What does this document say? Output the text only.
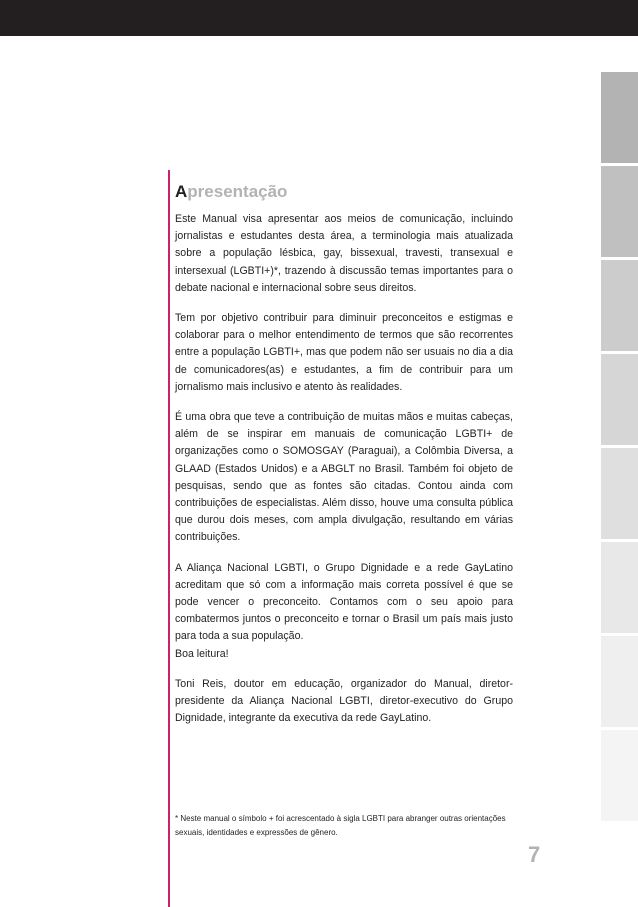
Apresentação
Este Manual visa apresentar aos meios de comunicação, incluindo jornalistas e estudantes desta área, a terminologia mais atualizada sobre a população lésbica, gay, bissexual, travesti, transexual e intersexual (LGBTI+)*, trazendo à discussão temas importantes para o debate nacional e internacional sobre seus direitos.
Tem por objetivo contribuir para diminuir preconceitos e estigmas e colaborar para o melhor entendimento de termos que são recorrentes entre a população LGBTI+, mas que podem não ser usuais no dia a dia de comunicadores(as) e estudantes, a fim de contribuir para um jornalismo mais inclusivo e atento às realidades.
É uma obra que teve a contribuição de muitas mãos e muitas cabeças, além de se inspirar em manuais de comunicação LGBTI+ de organizações como o SOMOSGAY (Paraguai), a Colômbia Diversa, a GLAAD (Estados Unidos) e a ABGLT no Brasil. Também foi objeto de pesquisas, sendo que as fontes são citadas. Contou ainda com contribuições de especialistas. Além disso, houve uma consulta pública que durou dois meses, com ampla divulgação, resultando em várias contribuições.
A Aliança Nacional LGBTI, o Grupo Dignidade e a rede GayLatino acreditam que só com a informação mais correta possível é que se pode vencer o preconceito. Contamos com o seu apoio para combatermos juntos o preconceito e tornar o Brasil um país mais justo para toda a sua população.
Boa leitura!
Toni Reis, doutor em educação, organizador do Manual, diretor-presidente da Aliança Nacional LGBTI, diretor-executivo do Grupo Dignidade, integrante da executiva da rede GayLatino.
* Neste manual o símbolo + foi acrescentado à sigla LGBTI para abranger outras orientações sexuais, identidades e expressões de gênero.
7
